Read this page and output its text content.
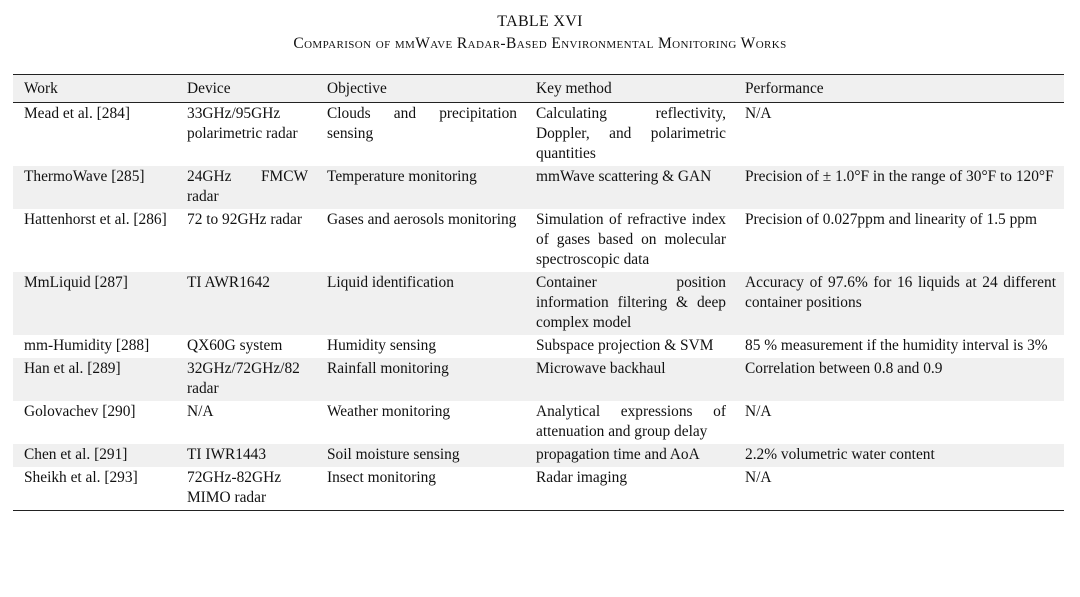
TABLE XVI
Comparison of mmWave Radar-Based Environmental Monitoring Works
Work	Device	Objective	Key method	Performance
Mead et al. [284]	33GHz/95GHz polarimetric radar	Clouds and precipitation sensing	Calculating reflectivity, Doppler, and polarimetric quantities	N/A
ThermoWave [285]	24GHz FMCW radar	Temperature monitoring	mmWave scattering & GAN	Precision of ± 1.0°F in the range of 30°F to 120°F
Hattenhorst et al. [286]	72 to 92GHz radar	Gases and aerosols monitoring	Simulation of refractive index of gases based on molecular spectroscopic data	Precision of 0.027ppm and linearity of 1.5 ppm
MmLiquid [287]	TI AWR1642	Liquid identification	Container position information filtering & deep complex model	Accuracy of 97.6% for 16 liquids at 24 different container positions
mm-Humidity [288]	QX60G system	Humidity sensing	Subspace projection & SVM	85 % measurement if the humidity interval is 3%
Han et al. [289]	32GHz/72GHz/82 radar	Rainfall monitoring	Microwave backhaul	Correlation between 0.8 and 0.9
Golovachev [290]	N/A	Weather monitoring	Analytical expressions of attenuation and group delay	N/A
Chen et al. [291]	TI IWR1443	Soil moisture sensing	propagation time and AoA	2.2% volumetric water content
Sheikh et al. [293]	72GHz-82GHz MIMO radar	Insect monitoring	Radar imaging	N/A
